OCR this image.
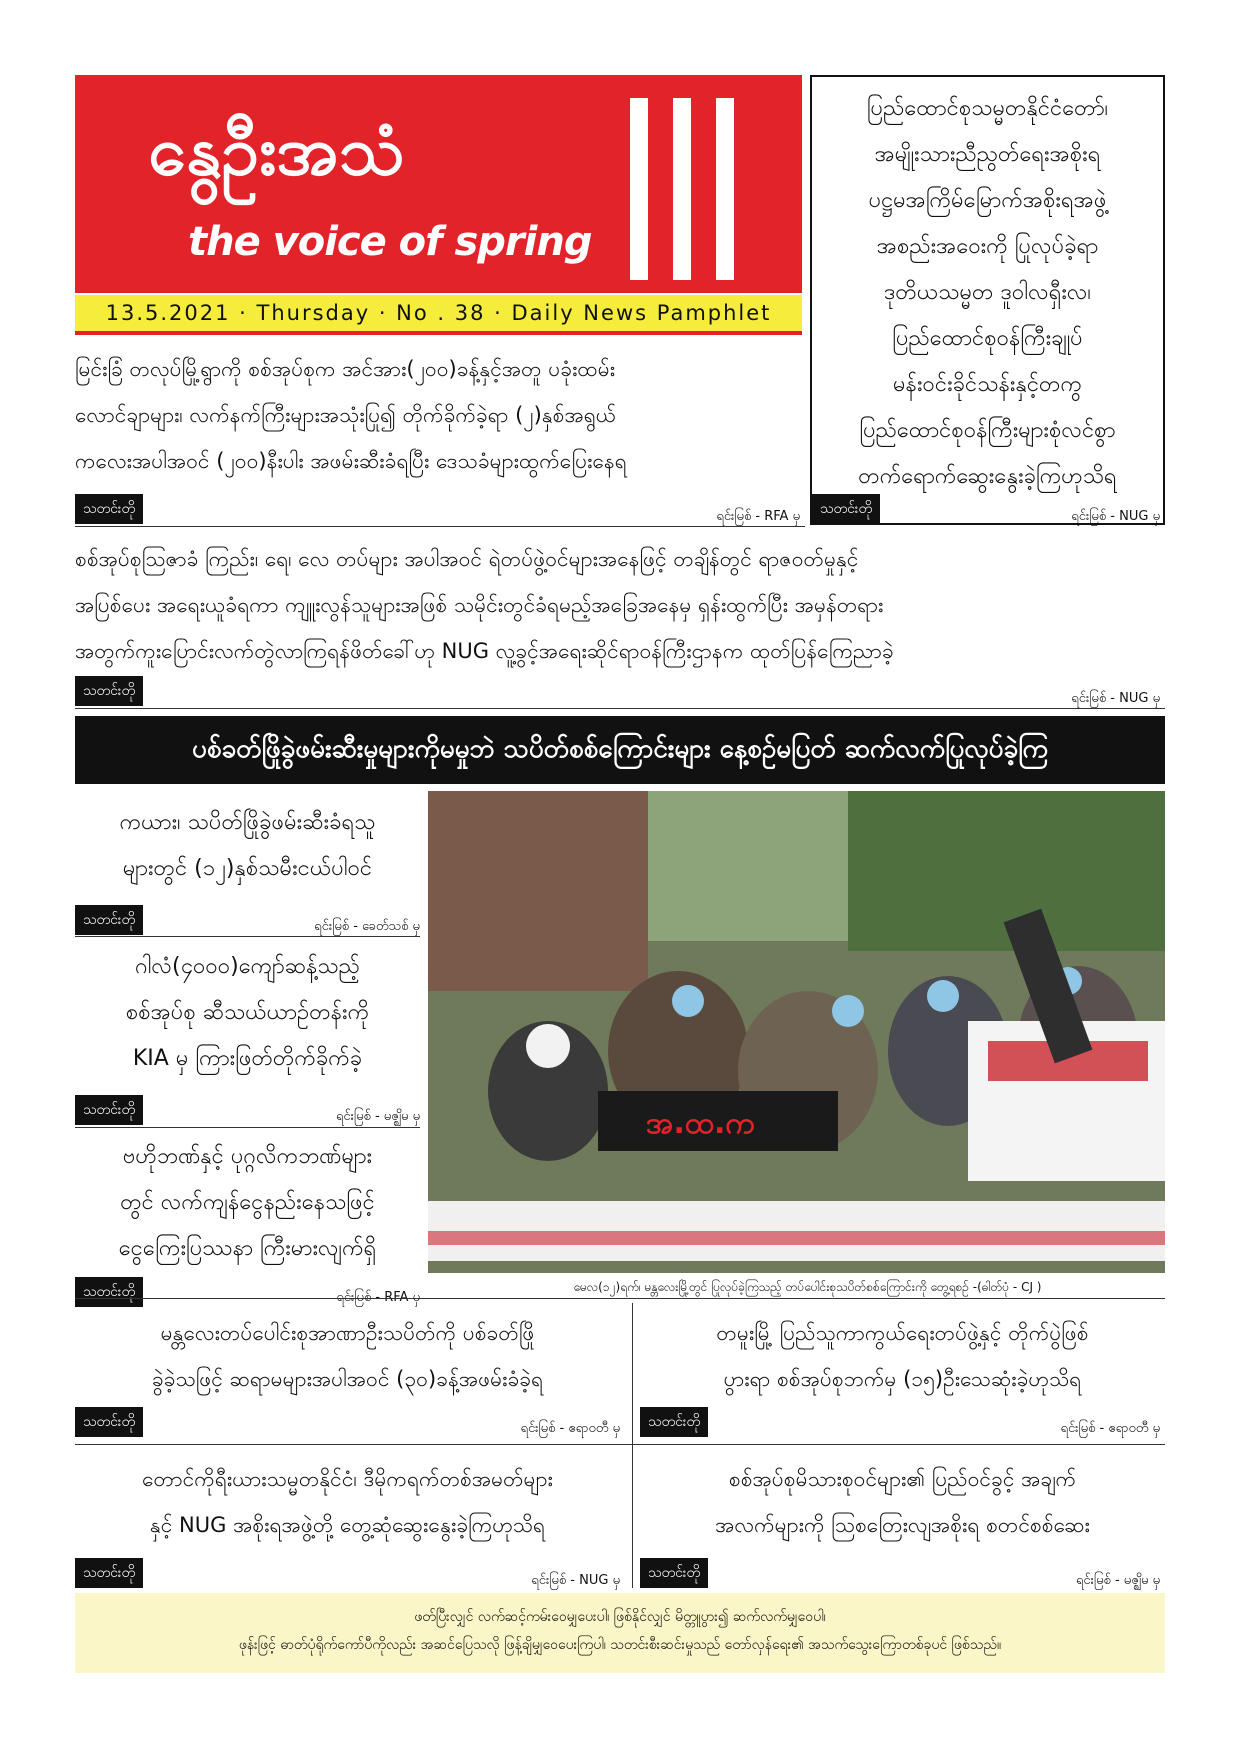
နွေဦးအသံ
the voice of spring
13.5.2021 · Thursday · No . 38 · Daily News Pamphlet
ပြည်ထောင်စုသမ္မတနိုင်ငံတော်၊
အမျိုးသားညီညွတ်ရေးအစိုးရ
ပဋ္ဌမအကြိမ်မြောက်အစိုးရအဖွဲ့
အစည်းအဝေးကို ပြုလုပ်ခဲ့ရာ
ဒုတိယသမ္မတ ဒူဝါလရှီးလ၊
ပြည်ထောင်စုဝန်ကြီးချုပ်
မန်းဝင်းခိုင်သန်းနှင့်တကွ
ပြည်ထောင်စုဝန်ကြီးများစုံလင်စွာ
တက်ရောက်ဆွေးနွေးခဲ့ကြဟုသိရ
သတင်းတို	ရင်းမြစ် - NUG မှ
မြင်းခြံ တလုပ်မြို့ရွာကို စစ်အုပ်စုက အင်အား(၂၀၀)ခန့်နှင့်အတူ ပခုံးထမ်း
လောင်ချာများ၊ လက်နက်ကြီးများအသုံးပြု၍ တိုက်ခိုက်ခဲ့ရာ (၂)နှစ်အရွယ်
ကလေးအပါအဝင် (၂၀၀)နီးပါး အဖမ်းဆီးခံရပြီး ဒေသခံများထွက်ပြေးနေရ
သတင်းတို	ရင်းမြစ် - RFA မှ
စစ်အုပ်စုသြဇာခံ ကြည်း၊ ရေ၊ လေ တပ်များ အပါအဝင် ရဲတပ်ဖွဲ့ဝင်များအနေဖြင့် တချိန်တွင် ရာဇဝတ်မှုနှင့်
အပြစ်ပေး အရေးယူခံရကာ ကျူးလွန်သူများအဖြစ် သမိုင်းတွင်ခံရမည့်အခြေအနေမှ ရှန်းထွက်ပြီး အမှန်တရား
အတွက်ကူးပြောင်းလက်တွဲလာကြရန်ဖိတ်ခေါ်ဟု NUG လူ့ခွင့်အရေးဆိုင်ရာဝန်ကြီးဌာနက ထုတ်ပြန်ကြေညာခဲ့
သတင်းတို	ရင်းမြစ် - NUG မှ
ပစ်ခတ်ဖြိုခွဲဖမ်းဆီးမှုများကိုမမှုဘဲ သပိတ်စစ်ကြောင်းများ နေ့စဉ်မပြတ် ဆက်လက်ပြုလုပ်ခဲ့ကြ
ကယား၊ သပိတ်ဖြိုခွဲဖမ်းဆီးခံရသူ
များတွင် (၁၂)နှစ်သမီးငယ်ပါဝင်
သတင်းတို	ရင်းမြစ် - ခေတ်သစ် မှ
ဂါလံ(၄၀၀၀)ကျော်ဆန့်သည့်
စစ်အုပ်စု ဆီသယ်ယာဉ်တန်းကို
KIA မှ ကြားဖြတ်တိုက်ခိုက်ခဲ့
သတင်းတို	ရင်းမြစ် - မဇ္ဈိမ မှ
ဗဟိုဘဏ်နှင့် ပုဂ္ဂလိကဘဏ်များ
တွင် လက်ကျန်ငွေနည်းနေသဖြင့်
ငွေကြေးပြဿနာ ကြီးမားလျက်ရှိ
သတင်းတို	ရင်းမြစ် - RFA မှ
အ.ထ.က
မေလ(၁၂)ရက်၊ မန္တလေးမြို့တွင် ပြုလုပ်ခဲ့ကြသည့် တပ်ပေါင်းစုသပိတ်စစ်ကြောင်းကို တွေ့ရစဉ် -(ဓါတ်ပုံ - CJ )
မန္တလေးတပ်ပေါင်းစုအာဏာဦးသပိတ်ကို ပစ်ခတ်ဖြို
ခွဲခဲ့သဖြင့် ဆရာမများအပါအဝင် (၃၀)ခန့်အဖမ်းခံခဲ့ရ
သတင်းတို	ရင်းမြစ် - ဧရာဝတီ မှ
တမူးမြို့ ပြည်သူကာကွယ်ရေးတပ်ဖွဲ့နှင့် တိုက်ပွဲဖြစ်
ပွားရာ စစ်အုပ်စုဘက်မှ (၁၅)ဦးသေဆုံးခဲ့ဟုသိရ
သတင်းတို	ရင်းမြစ် - ဧရာဝတီ မှ
တောင်ကိုရီးယားသမ္မတနိုင်ငံ၊ ဒီမိုကရက်တစ်အမတ်များ
နှင့် NUG အစိုးရအဖွဲ့တို့ တွေ့ဆုံဆွေးနွေးခဲ့ကြဟုသိရ
သတင်းတို	ရင်းမြစ် - NUG မှ
စစ်အုပ်စုမိသားစုဝင်များ၏ ပြည်ဝင်ခွင့် အချက်
အလက်များကို သြစတြေးလျအစိုးရ စတင်စစ်ဆေး
သတင်းတို	ရင်းမြစ် - မဇ္ဈိမ မှ
ဖတ်ပြီးလျှင် လက်ဆင့်ကမ်းဝေမျှပေးပါ၊ ဖြစ်နိုင်လျှင် မိတ္တူပွား၍ ဆက်လက်မျှဝေပါ၊
ဖုန်းဖြင့် ဓာတ်ပုံရိုက်ကော်ပီကိုလည်း အဆင်ပြေသလို ဖြန့်ချိမျှဝေပေးကြပါ၊ သတင်းစီးဆင်းမှုသည် တော်လှန်ရေး၏ အသက်သွေးကြောတစ်ခုပင် ဖြစ်သည်။
